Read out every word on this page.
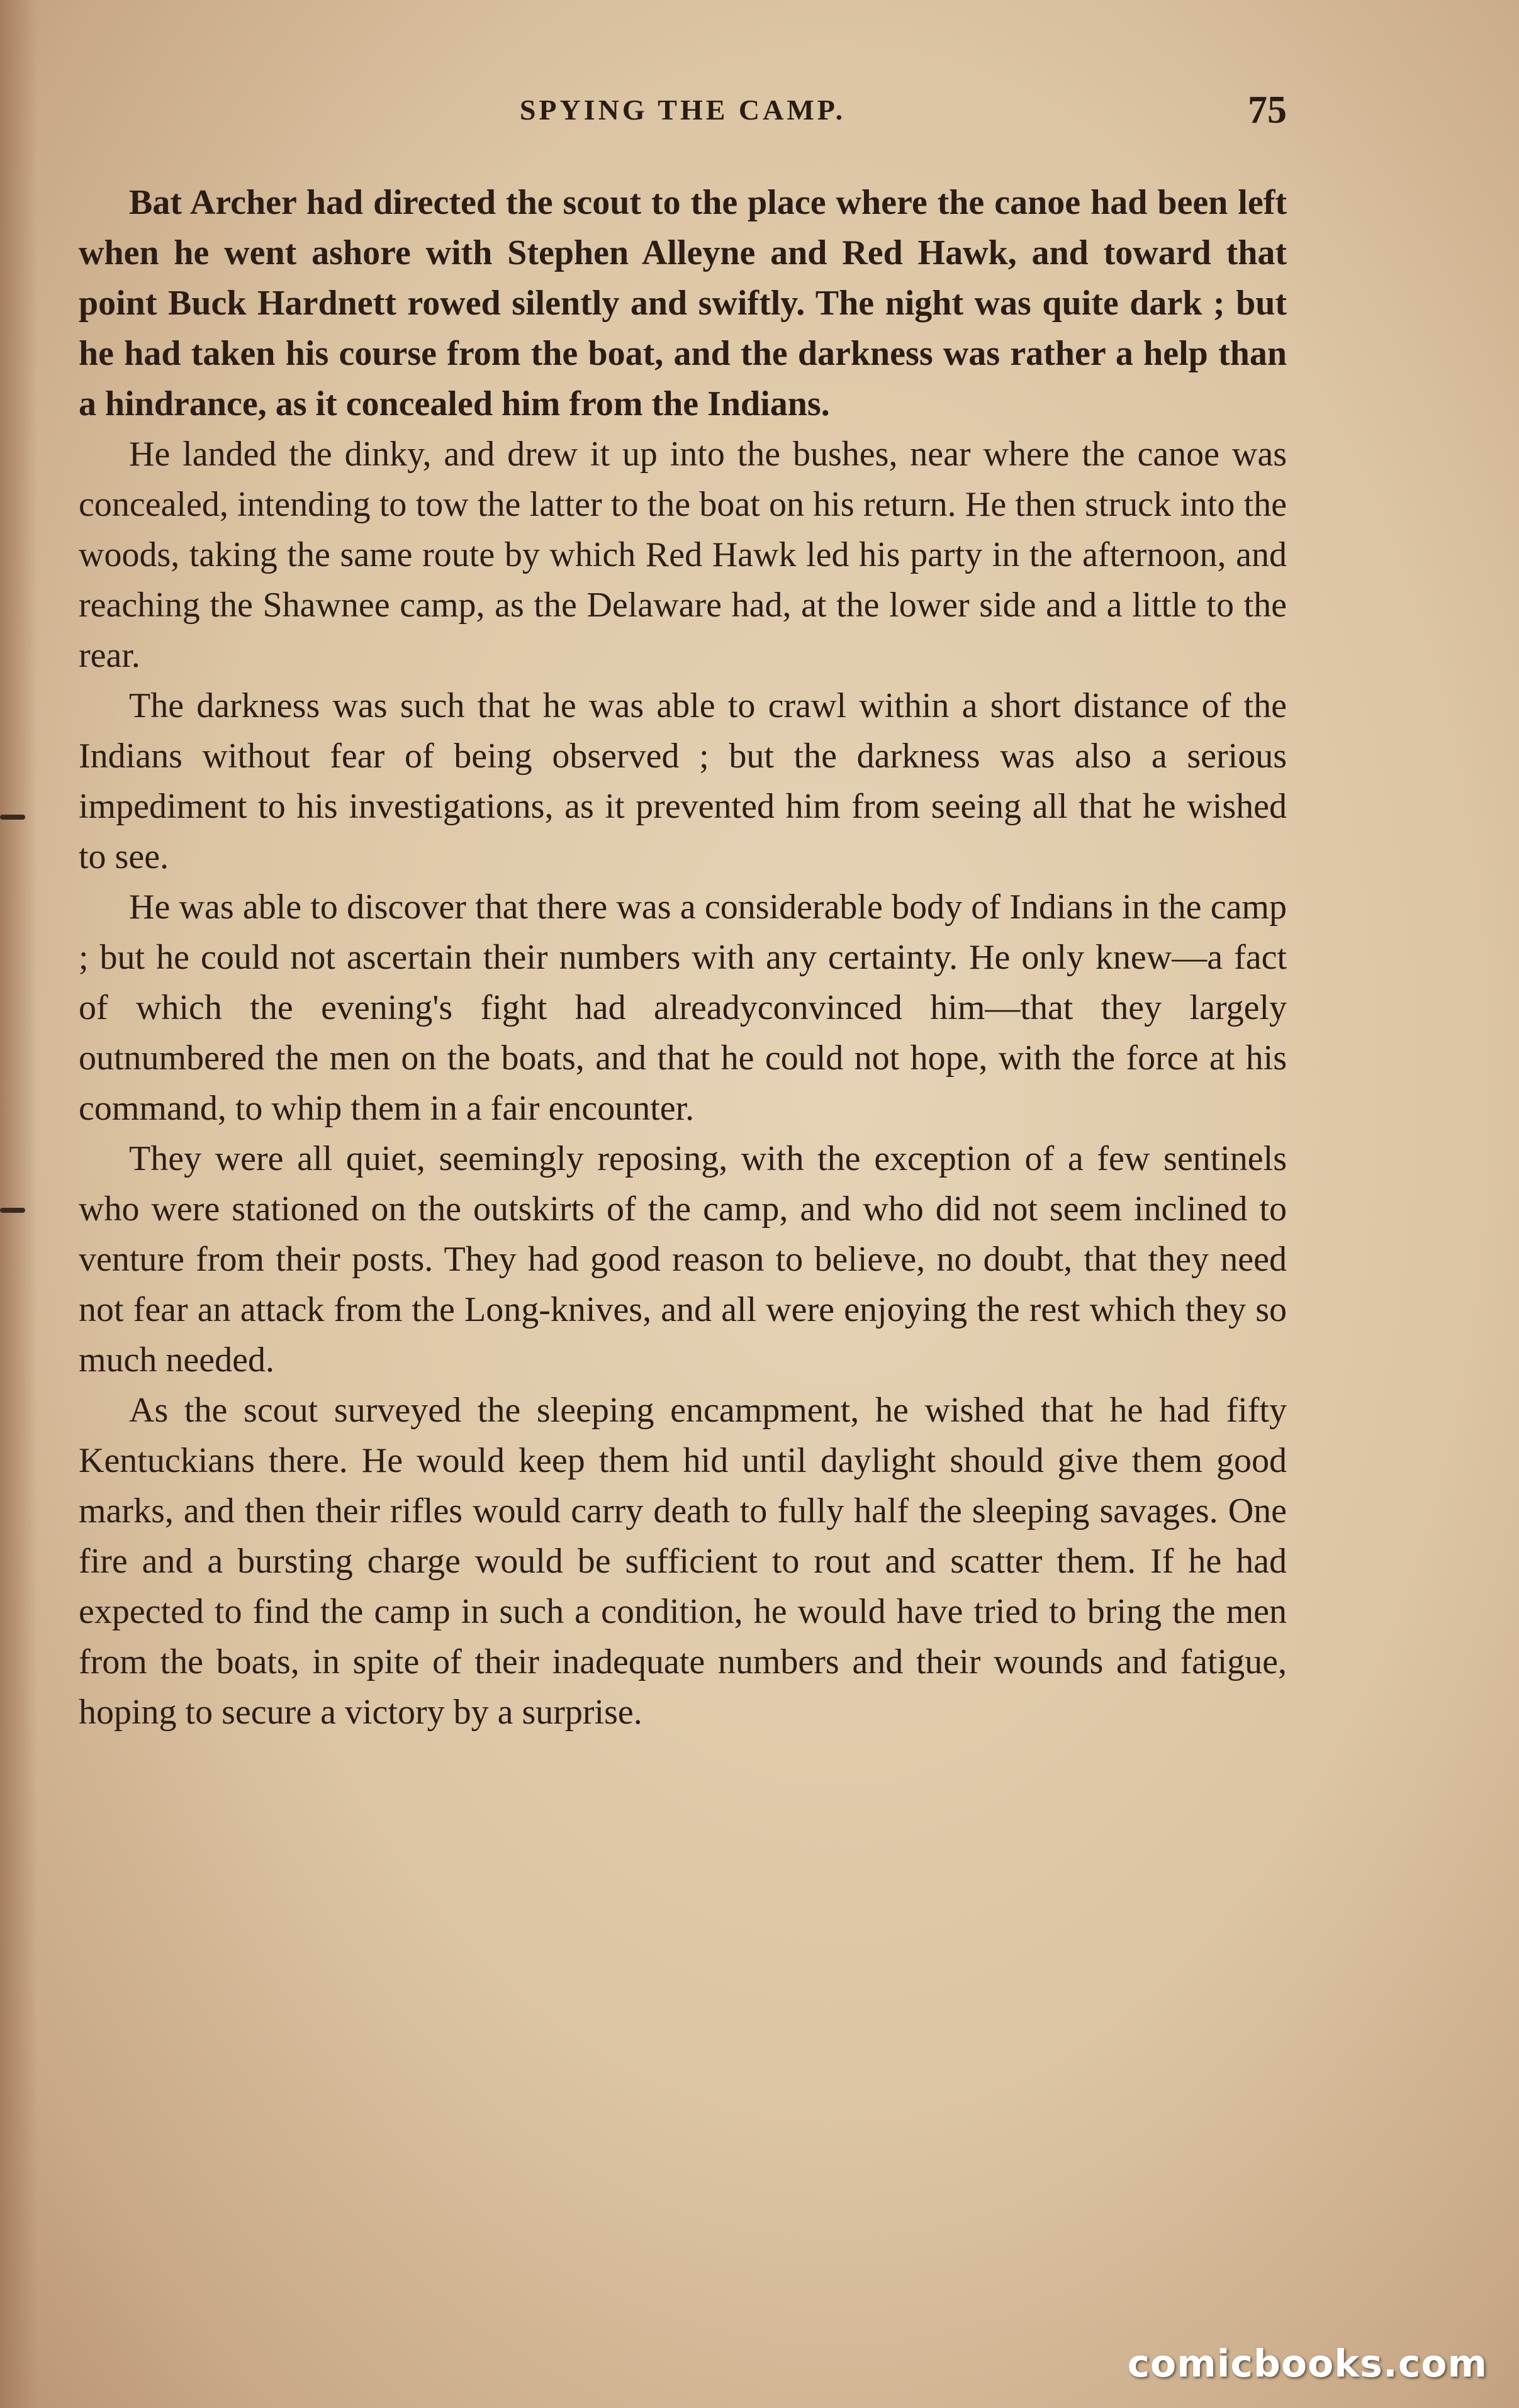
SPYING THE CAMP.	75

Bat Archer had directed the scout to the place where the canoe had been left when he went ashore with Stephen Alleyne and Red Hawk, and toward that point Buck Hardnett rowed silently and swiftly. The night was quite dark ; but he had taken his course from the boat, and the darkness was rather a help than a hindrance, as it concealed him from the Indians.

He landed the dinky, and drew it up into the bushes, near where the canoe was concealed, intending to tow the latter to the boat on his return. He then struck into the woods, taking the same route by which Red Hawk led his party in the afternoon, and reaching the Shawnee camp, as the Delaware had, at the lower side and a little to the rear.

The darkness was such that he was able to crawl within a short distance of the Indians without fear of being observed ; but the darkness was also a serious impediment to his investigations, as it prevented him from seeing all that he wished to see.

He was able to discover that there was a considerable body of Indians in the camp ; but he could not ascertain their numbers with any certainty. He only knew—a fact of which the evening's fight had alreadyconvinced him—that they largely outnumbered the men on the boats, and that he could not hope, with the force at his command, to whip them in a fair encounter.

They were all quiet, seemingly reposing, with the exception of a few sentinels who were stationed on the outskirts of the camp, and who did not seem inclined to venture from their posts. They had good reason to believe, no doubt, that they need not fear an attack from the Long-knives, and all were enjoying the rest which they so much needed.

As the scout surveyed the sleeping encampment, he wished that he had fifty Kentuckians there. He would keep them hid until daylight should give them good marks, and then their rifles would carry death to fully half the sleeping savages. One fire and a bursting charge would be sufficient to rout and scatter them. If he had expected to find the camp in such a condition, he would have tried to bring the men from the boats, in spite of their inadequate numbers and their wounds and fatigue, hoping to secure a victory by a surprise.

comicbooks.com
